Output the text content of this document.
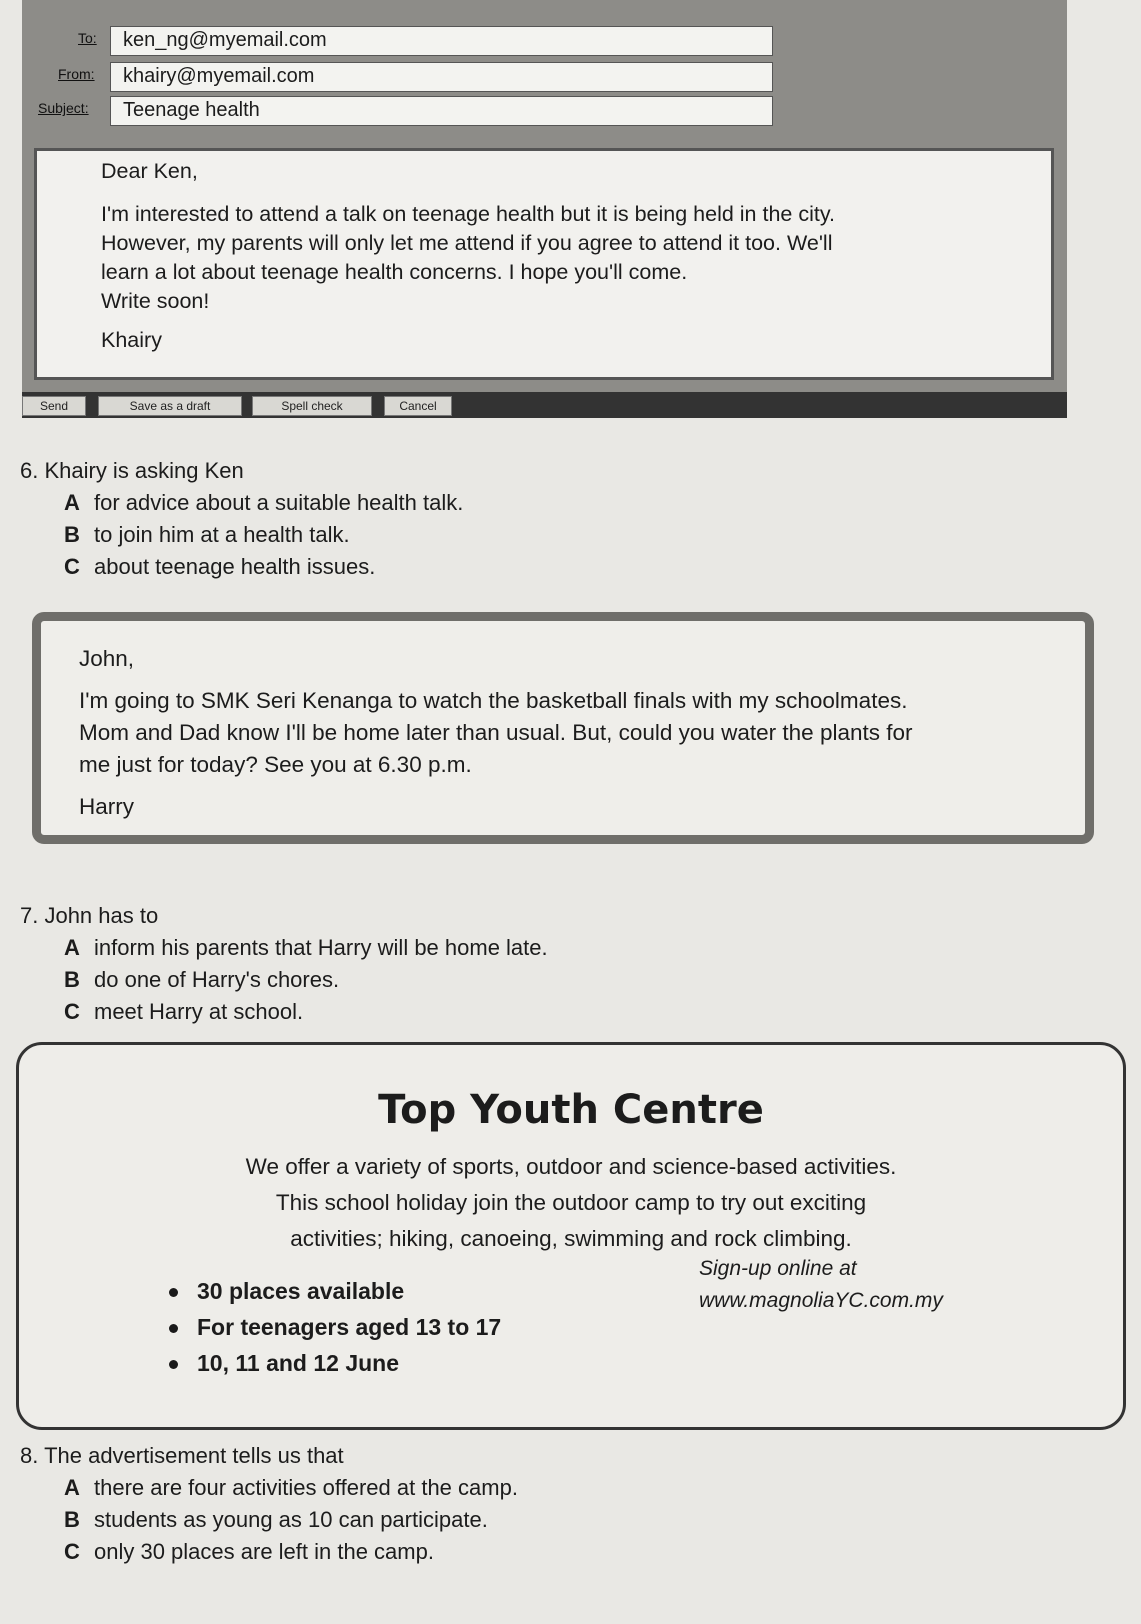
To:	ken_ng@myemail.com
From:	khairy@myemail.com
Subject:	Teenage health

Dear Ken,

I'm interested to attend a talk on teenage health but it is being held in the city.

However, my parents will only let me attend if you agree to attend it too. We'll

learn a lot about teenage health concerns. I hope you'll come.

Write soon!

Khairy

Send	Save as a draft	Spell check	Cancel

6. Khairy is asking Ken

A for advice about a suitable health talk.

B to join him at a health talk.

C about teenage health issues.

John,

I'm going to SMK Seri Kenanga to watch the basketball finals with my schoolmates.

Mom and Dad know I'll be home later than usual. But, could you water the plants for

me just for today? See you at 6.30 p.m.

Harry

7. John has to

A inform his parents that Harry will be home late.

B do one of Harry's chores.

C meet Harry at school.

Top Youth Centre

We offer a variety of sports, outdoor and science-based activities.

This school holiday join the outdoor camp to try out exciting

activities; hiking, canoeing, swimming and rock climbing.

30 places available
For teenagers aged 13 to 17
10, 11 and 12 June

Sign-up online at

www.magnoliaYC.com.my

8. The advertisement tells us that

A there are four activities offered at the camp.

B students as young as 10 can participate.

C only 30 places are left in the camp.
